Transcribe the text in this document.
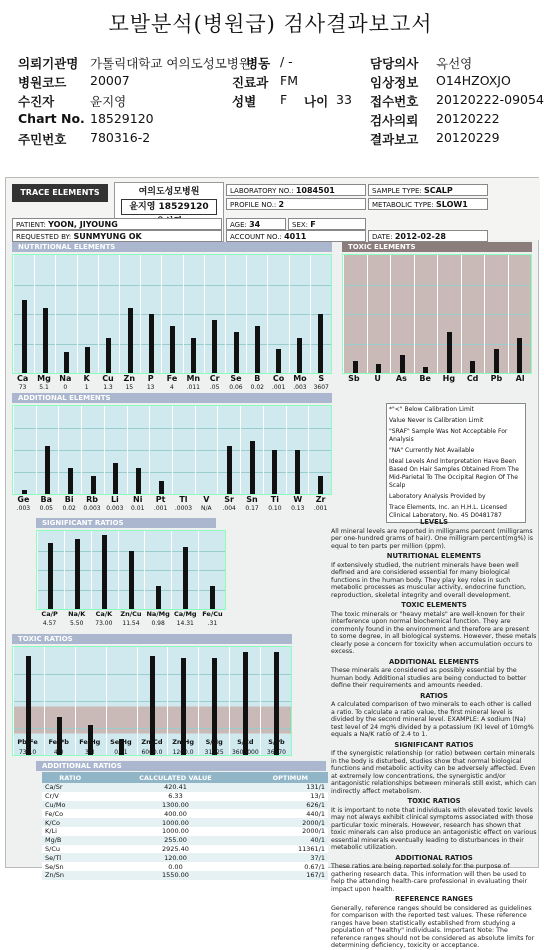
모발분석(병원급) 검사결과보고서
의뢰기관명 가톨릭대학교 여의도성모병원
병동 / -	담당의사 옥선영
병원코드 20007	진료과 FM	임상정보 O14HZOXJO
수진자	윤지영	성별 F 나이 33 접수번호 20120222-09054
Chart No. 18529120	검사의뢰 20120222
주민번호 780316-2	결과보고 20120229
TRACE ELEMENTS	여의도성모병원
윤지영 18529120
LABORATORY NO.: 1084501	SAMPLE TYPE: SCALP
PROFILE NO.: 2	METABOLIC TYPE: SLOW1
PATIENT: YOON, JIYOUNG	AGE: 34	SEX: F
REQUESTED BY: SUNMYUNG OK	ACCOUNT NO.: 4011	DATE: 2012-02-28
NUTRITIONAL ELEMENTS
Ca	Mg	Na	K	Cu	Zn	P	Fe	Mn	Cr	Se	B	Co	Mo	S
73	5.1	0	1	1.3	15	13	4	.011	.05	0.06	0.02	.001	.003	3607
TOXIC ELEMENTS
Sb	U	As	Be	Hg	Cd	Pb	Al
ADDITIONAL ELEMENTS
Ge	Ba	Bi	Rb	Li	Ni	Pt	Tl	V	Sr	Sn	Ti	W	Zr
.003	0.05	0.02	0.003 0.003	0.01	.001	.0003	N/A	.004	0.17	0.10	0.13	.001
*"<" Below Calibration Limit
Value Never Is Calibration Limit
"SRAF" Sample Was Not Acceptable For Analysis
"NA" Currently Not Available
Ideal Levels And Interpretation Have Been Based On Hair Samples Obtained From The Mid-Parietal To The Occipital Region Of The Scalp
Laboratory Analysis Provided by
Trace Elements, Inc. an H.H.L. Licensed Clinical Laboratory, No. 45 D0481787
SIGNIFICANT RATIOS
Ca/P	Na/K	Ca/K	Zn/Cu Na/Mg Ca/Mg Fe/Cu
4.57	5.50	73.00	11.54	0.98	14.31	.31
TOXIC RATIOS
Pb/Fe	Fe/Pb	Fe/Hg	Se/Hg	Zn/Cd	Zn/Hg	S/Hg	S/Cd	S/Pb
730.0	4.0	3.3	0.01	6000.0	1200.0	31725	3607000	36070
ADDITIONAL RATIOS
RATIO	CALCULATED VALUE	OPTIMUM
Ca/Sr	420.41	131/1
Cr/V	6.33	13/1
Cu/Mo	1300.00	626/1
Fe/Co	400.00	440/1
K/Co	1000.00	2000/1
K/Li	1000.00	2000/1
Mg/B	255.00	40/1
S/Cu	2925.40	11361/1
Se/Tl	120.00	37/1
Se/Sn	0.00	0.67/1
Zn/Sn	1550.00	167/1
LEVELS

All mineral levels are reported in milligrams percent (milligrams per one-hundred grams of hair). One milligram percent(mg%) is equal to ten parts per million (ppm).

NUTRITIONAL ELEMENTS

If extensively studied, the nutrient minerals have been well defined and are considered essential for many biological functions in the human body. They play key roles in such metabolic processes as muscular activity, endocrine function, reproduction, skeletal integrity and overall development.

TOXIC ELEMENTS

The toxic minerals or "heavy metals" are well-known for their interference upon normal biochemical function. They are commonly found in the environment and therefore are present to some degree, in all biological systems. However, these metals clearly pose a concern for toxicity when accumulation occurs to excess.

ADDITIONAL ELEMENTS

These minerals are considered as possibly essential by the human body. Additional studies are being conducted to better define their requirements and amounts needed.

RATIOS

A calculated comparison of two minerals to each other is called a ratio. To calculate a ratio value, the first mineral level is divided by the second mineral level. EXAMPLE: A sodium (Na) test level of 24 mg% divided by a potassium (K) level of 10mg% equals a Na/K ratio of 2.4 to 1.

SIGNIFICANT RATIOS

If the synergistic relationship (or ratio) between certain minerals in the body is disturbed, studies show that normal biological functions and metabolic activity can be adversely affected. Even at extremely low concentrations, the synergistic and/or antagonistic relationships between minerals still exist, which can indirectly affect metabolism.

TOXIC RATIOS

It is important to note that individuals with elevated toxic levels may not always exhibit clinical symptoms associated with those particular toxic minerals. However, research has shown that toxic minerals can also produce an antagonistic effect on various essential minerals eventually leading to disturbances in their metabolic utilization.

ADDITIONAL RATIOS

These ratios are being reported solely for the purpose of gathering research data. This information will then be used to help the attending health-care professional in evaluating their impact upon health.

REFERENCE RANGES

Generally, reference ranges should be considered as guidelines for comparison with the reported test values. These reference ranges have been statistically established from studying a population of "healthy" individuals. Important Note: The reference ranges should not be considered as absolute limits for determining deficiency, toxicity or acceptance.
